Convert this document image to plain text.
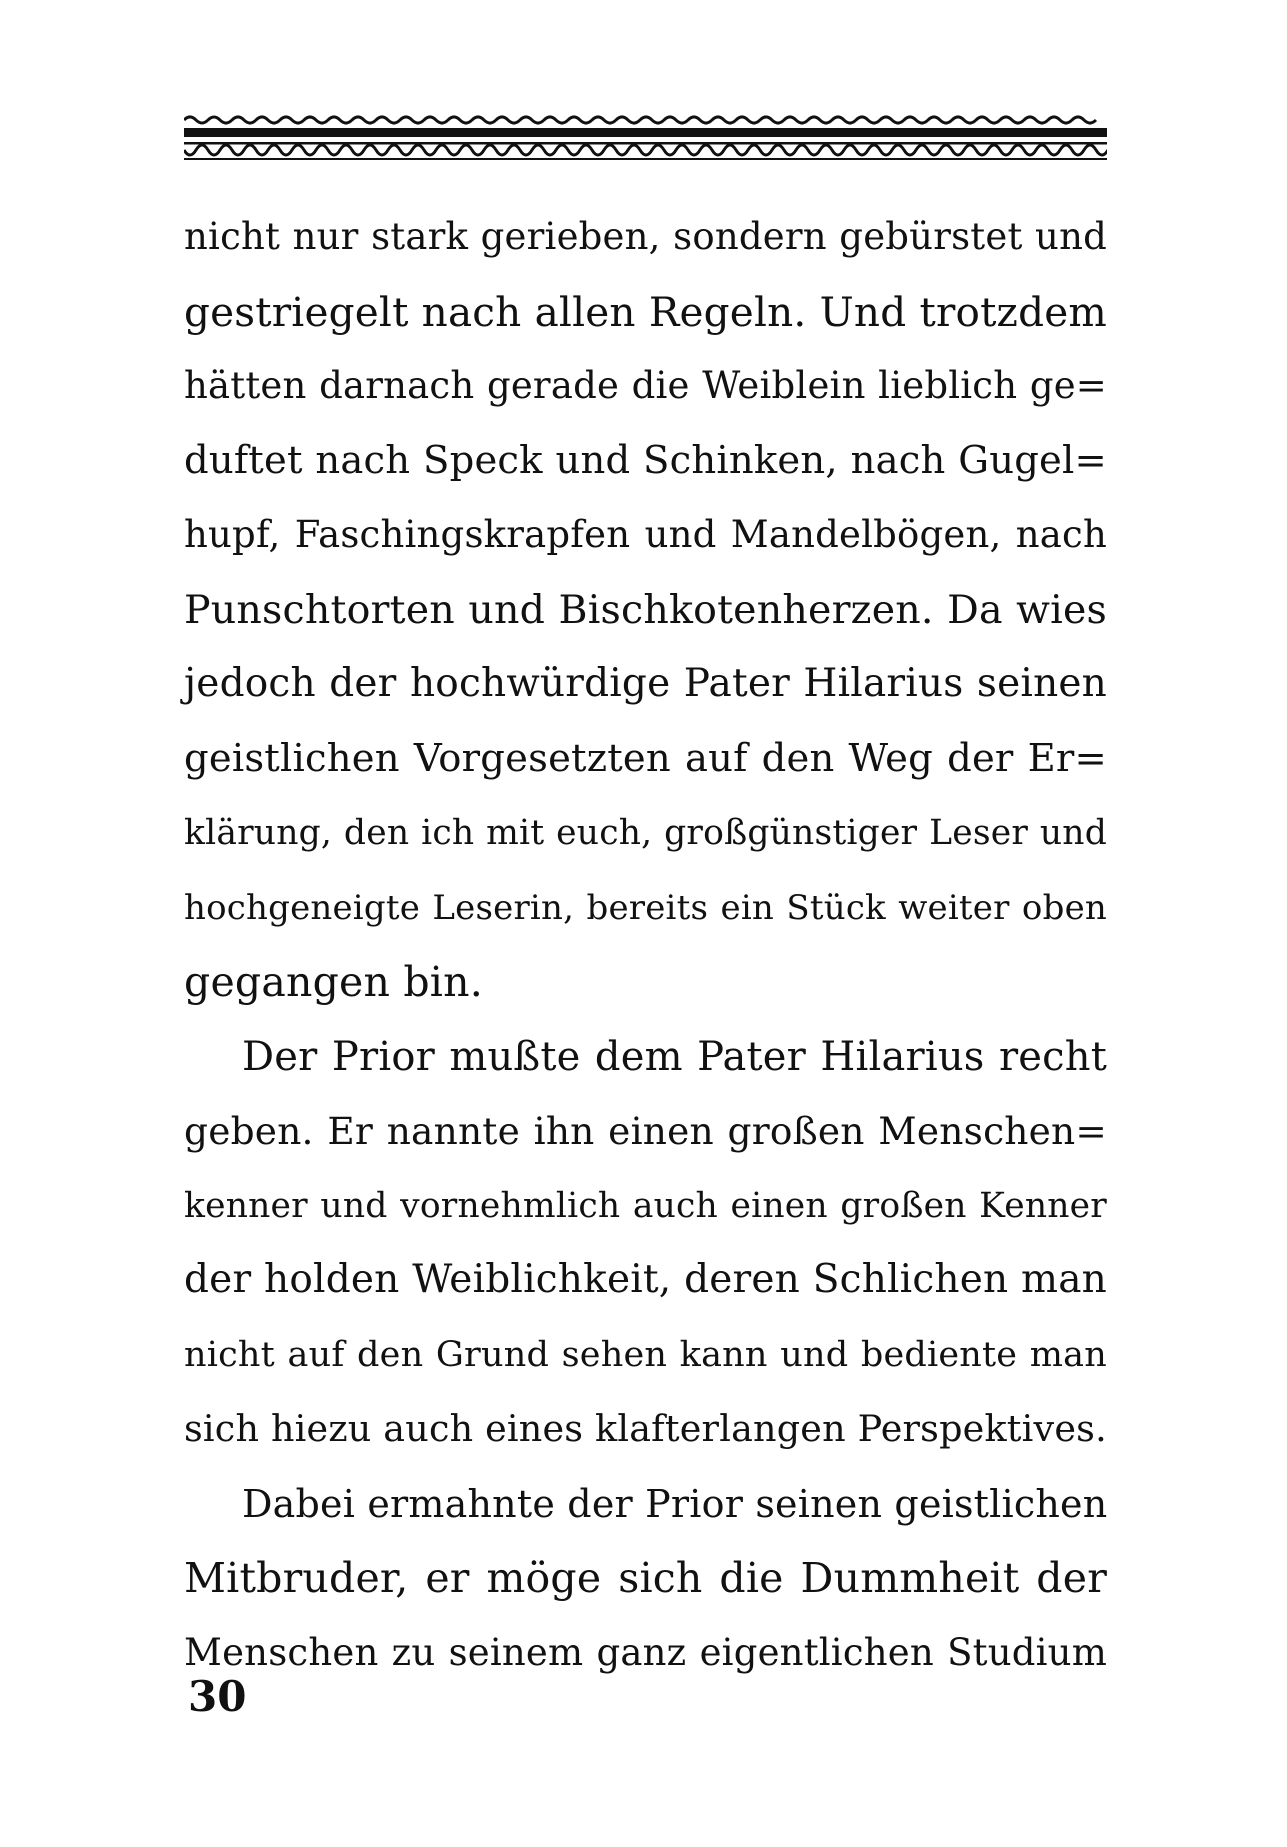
nicht nur stark gerieben, sondern gebürstet und
gestriegelt nach allen Regeln. Und trotzdem
hätten darnach gerade die Weiblein lieblich ge=
duftet nach Speck und Schinken, nach Gugel=
hupf, Faschingskrapfen und Mandelbögen, nach
Punschtorten und Bischkotenherzen. Da wies
jedoch der hochwürdige Pater Hilarius seinen
geistlichen Vorgesetzten auf den Weg der Er=
klärung, den ich mit euch, großgünstiger Leser und
hochgeneigte Leserin, bereits ein Stück weiter oben
gegangen bin.
Der Prior mußte dem Pater Hilarius recht
geben. Er nannte ihn einen großen Menschen=
kenner und vornehmlich auch einen großen Kenner
der holden Weiblichkeit, deren Schlichen man
nicht auf den Grund sehen kann und bediente man
sich hiezu auch eines klafterlangen Perspektives.
Dabei ermahnte der Prior seinen geistlichen
Mitbruder, er möge sich die Dummheit der
Menschen zu seinem ganz eigentlichen Studium
30
